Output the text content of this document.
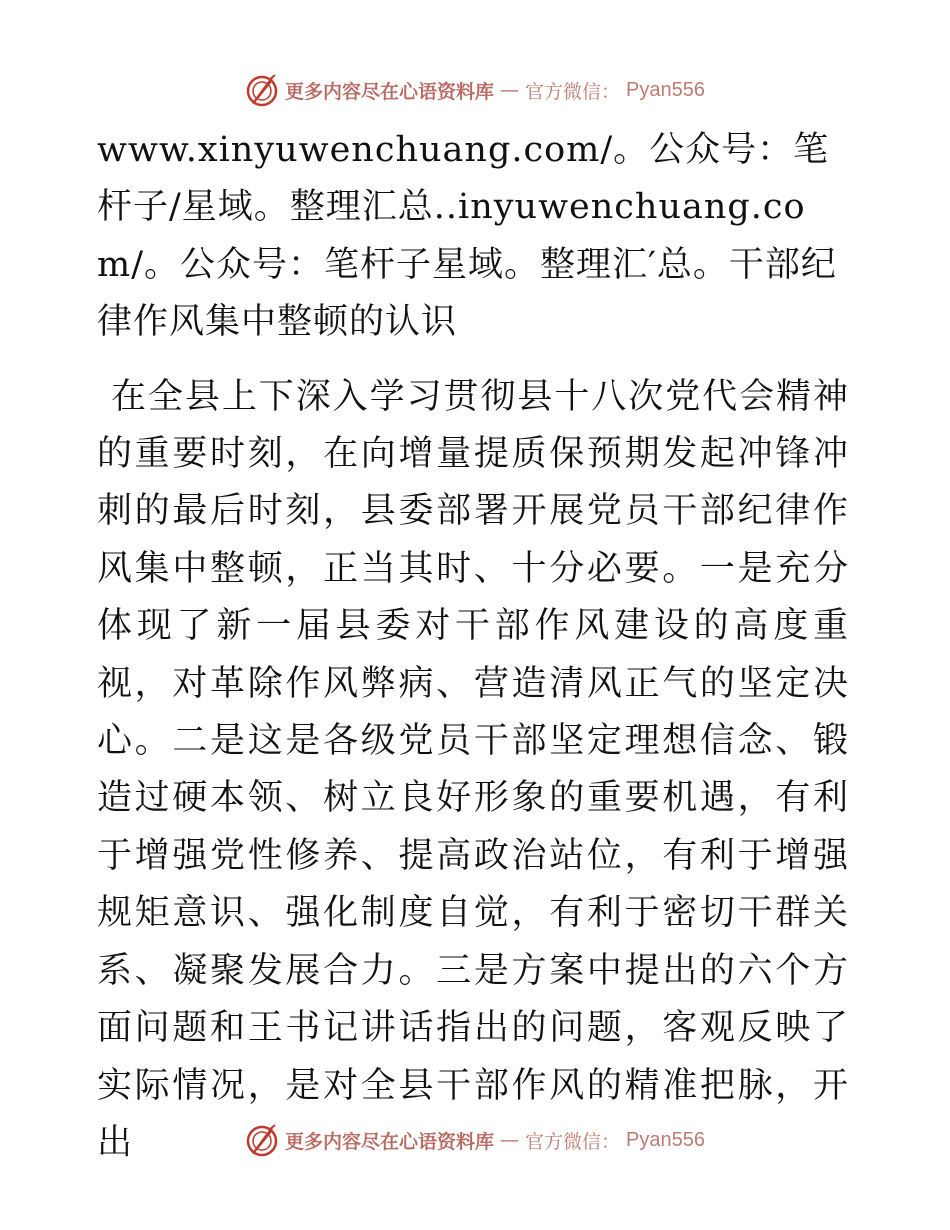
更多内容尽在心语资料库 — 官方微信： Pyan556

www.xinyuwenchuang.com/。公众号：笔杆子/星域。整理汇总..inyuwenchuang.com/。公众号：笔杆子星域。整理汇′总。干部纪律作风集中整顿的认识

在全县上下深入学习贯彻县十八次党代会精神的重要时刻，在向增量提质保预期发起冲锋冲刺的最后时刻，县委部署开展党员干部纪律作风集中整顿，正当其时、十分必要。一是充分体现了新一届县委对干部作风建设的高度重视，对革除作风弊病、营造清风正气的坚定决心。二是这是各级党员干部坚定理想信念、锻造过硬本领、树立良好形象的重要机遇，有利于增强党性修养、提高政治站位，有利于增强规矩意识、强化制度自觉，有利于密切干群关系、凝聚发展合力。三是方案中提出的六个方面问题和王书记讲话指出的问题，客观反映了实际情况，是对全县干部作风的精准把脉，开出	更多内容尽在心语资料库 — 官方微信： Pyan556
